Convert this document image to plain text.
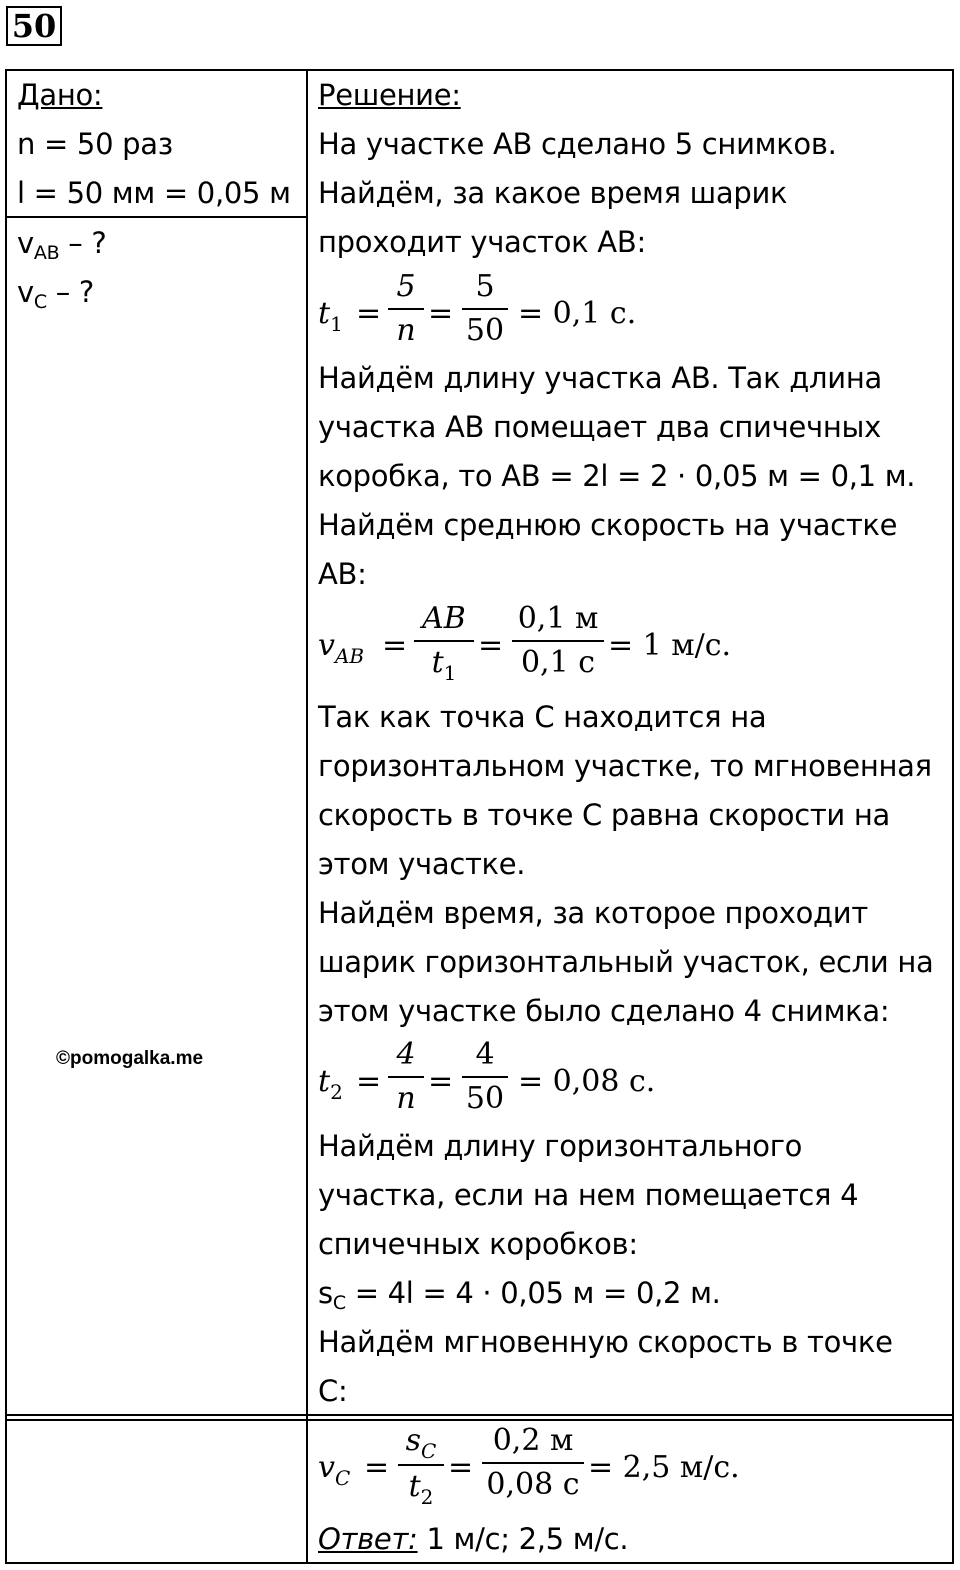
50
Дано:
n = 50 раз
l = 50 мм = 0,05 м
$v_{AB}$ – ?
$v_C$ – ?
©pomogalka.me
Решение:
На участке АВ сделано 5 снимков.
Найдём, за какое время шарик
проходит участок АВ:
$t_1$ =
5
n =
5
50 = 0,1 с.
Найдём длину участка АВ. Так длина
участка АВ помещает два спичечных
коробка, то АВ = 2l = 2 · 0,05 м = 0,1 м.
Найдём среднюю скорость на участке
АВ:
$v_{AB}$ =
AB
$t_1$
=
0,1 м
0,1 с = 1 м/с.
Так как точка С находится на
горизонтальном участке, то мгновенная
скорость в точке С равна скорости на
этом участке.
Найдём время, за которое проходит
шарик горизонтальный участок, если на
этом участке было сделано 4 снимка:
$t_2$ =
4
n =
4
50 = 0,08 с.
Найдём длину горизонтального
участка, если на нем помещается 4
спичечных коробков:
$s_C = 4l = 4 \cdot 0,05$ м = 0,2 м.
Найдём мгновенную скорость в точке
С:
$v_C$ =
$s_C$
$t_2$
=
0,2 м
0,08 с = 2,5 м/с.
Ответ: 1 м/с; 2,5 м/с.
